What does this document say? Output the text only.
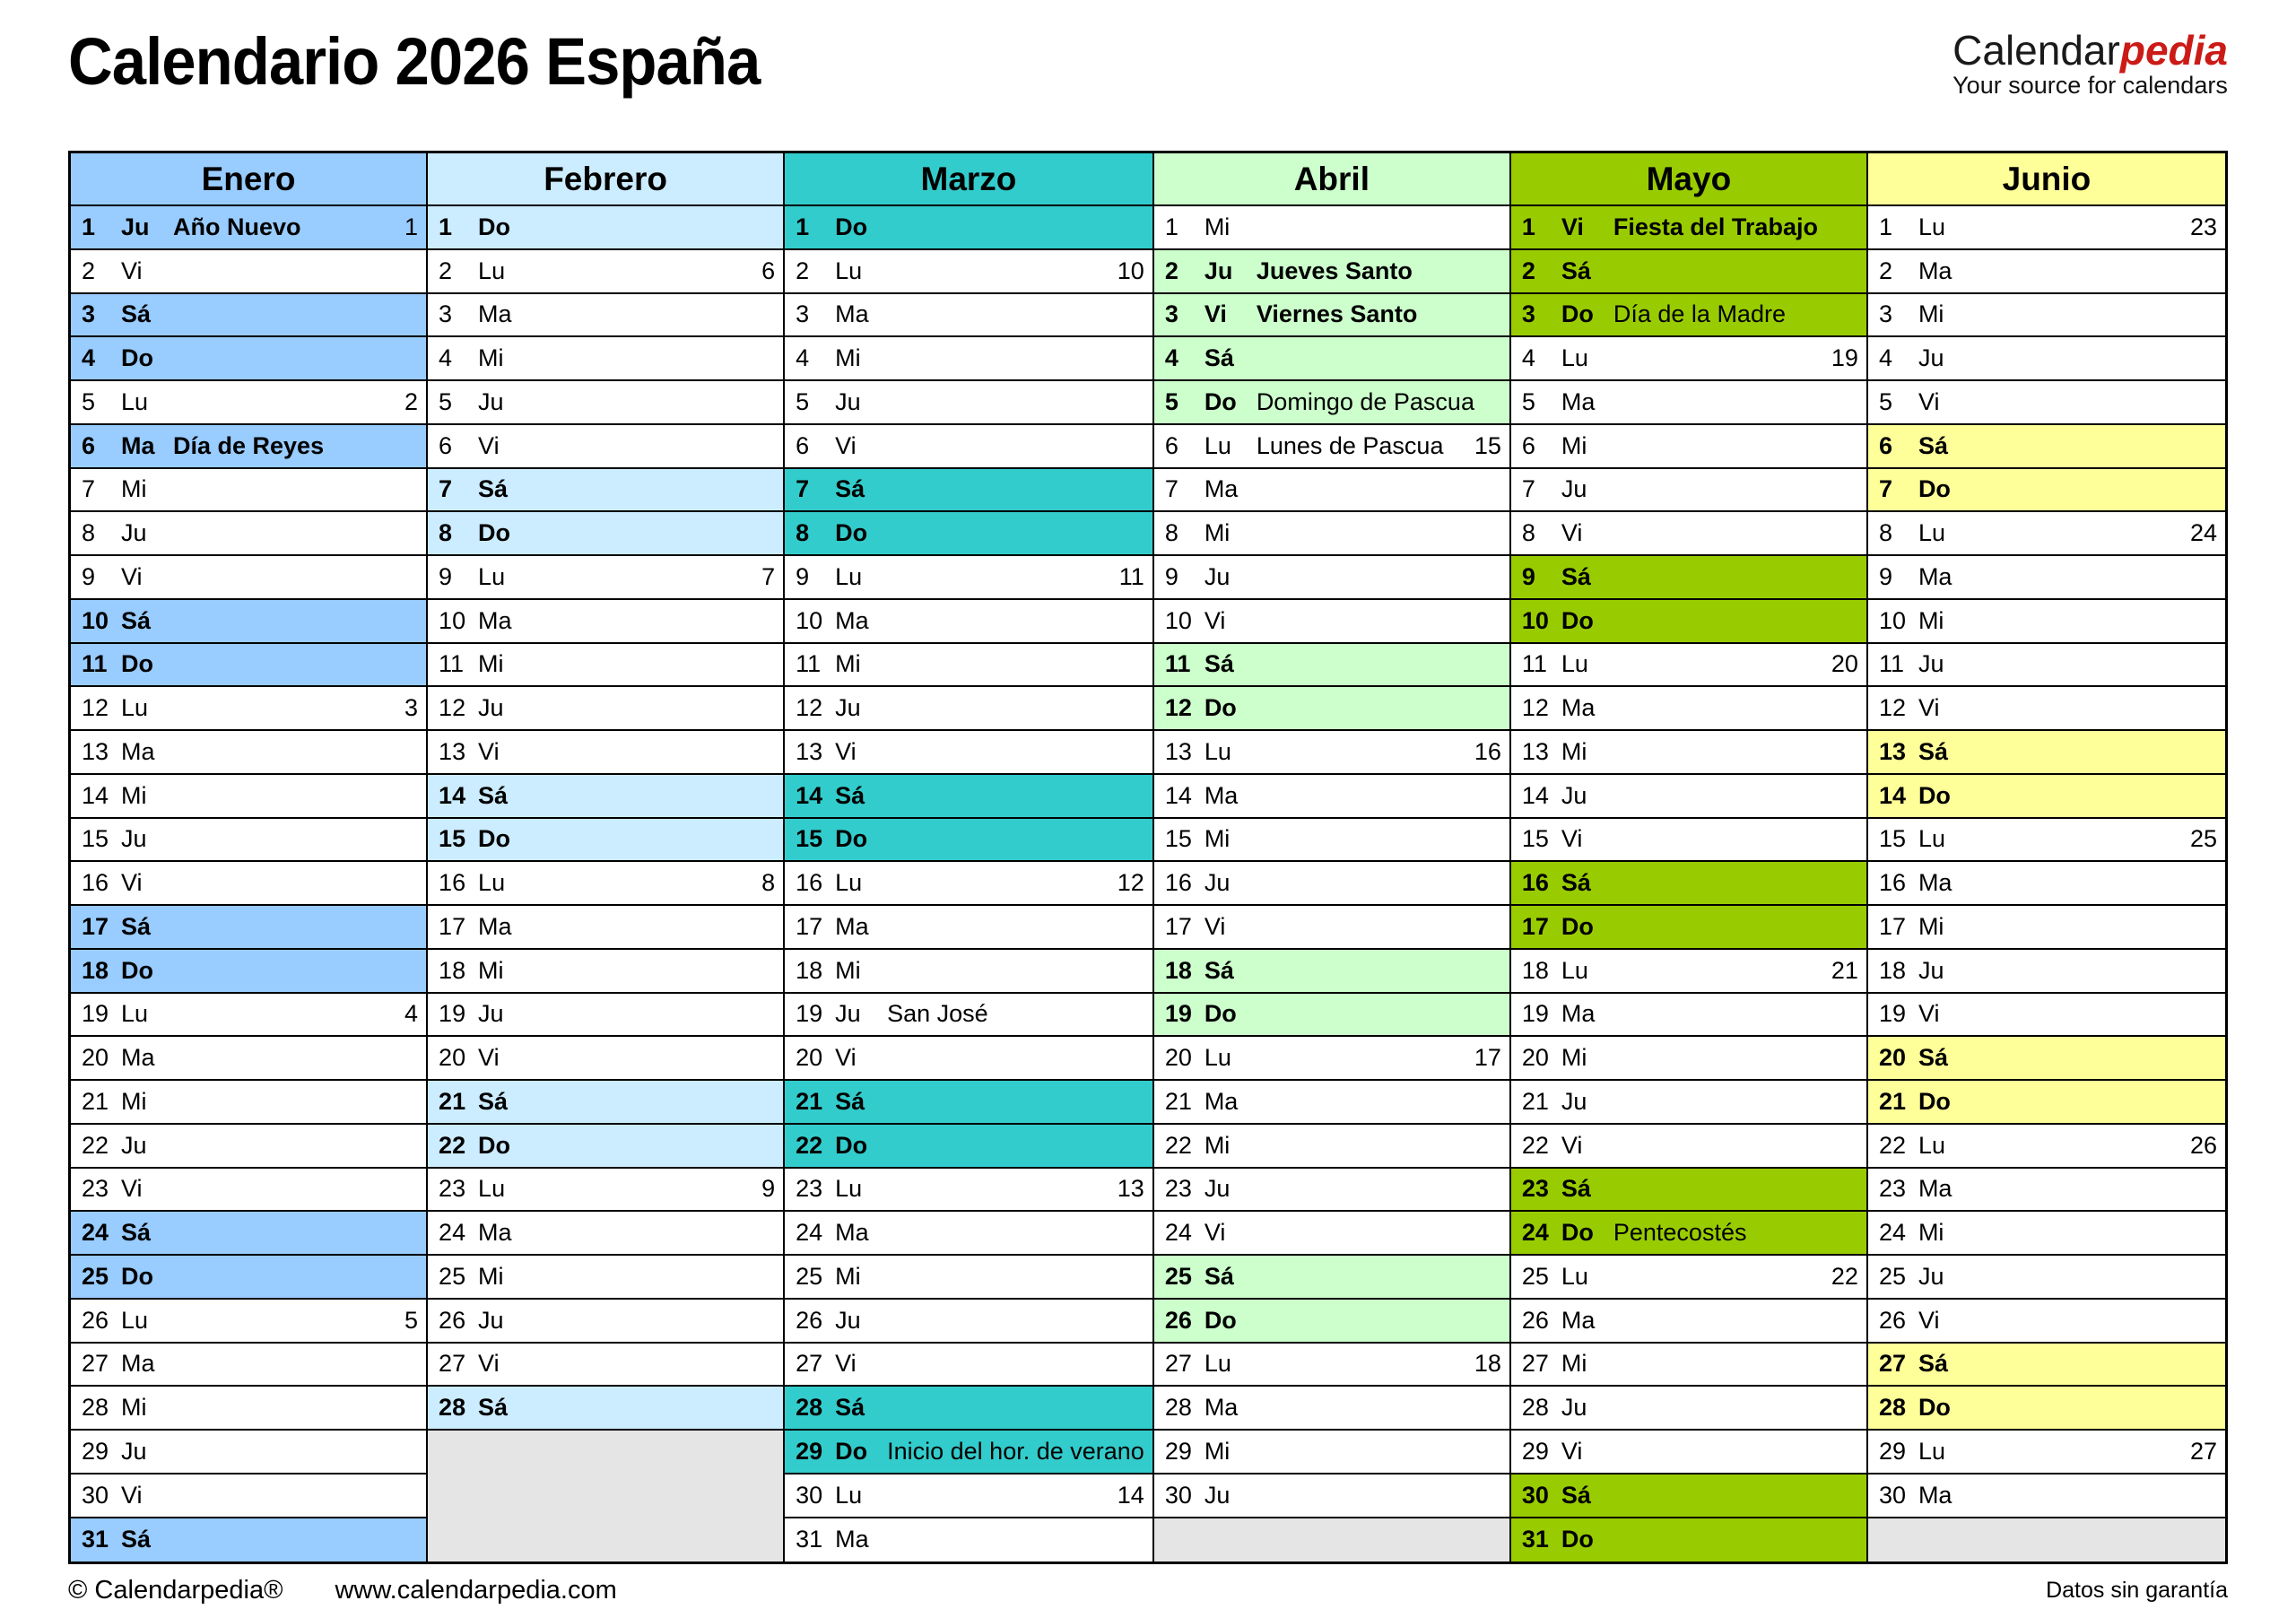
Calendario 2026 España	Calendarpedia
Your source for calendars
Enero
1	Ju Año Nuevo	1
2	Vi
3	Sá
4	Do
5	Lu	2
6	Ma Día de Reyes
7	Mi
8	Ju
9	Vi
10 Sá
11 Do
12 Lu	3
13 Ma
14 Mi
15 Ju
16 Vi
17 Sá
18 Do
19 Lu	4
20 Ma
21 Mi
22 Ju
23 Vi
24 Sá
25 Do
26 Lu	5
27 Ma
28 Mi
29 Ju
30 Vi
31 Sá
Febrero
1	Do
2	Lu	6
3	Ma
4	Mi
5	Ju
6	Vi
7	Sá
8	Do
9	Lu	7
10 Ma
11 Mi
12 Ju
13 Vi
14 Sá
15 Do
16 Lu	8
17 Ma
18 Mi
19 Ju
20 Vi
21 Sá
22 Do
23 Lu	9
24 Ma
25 Mi
26 Ju
27 Vi
28 Sá
Marzo
1	Do
2	Lu	10
3	Ma
4	Mi
5	Ju
6	Vi
7	Sá
8	Do
9	Lu	11
10 Ma
11 Mi
12 Ju
13 Vi
14 Sá
15 Do
16 Lu	12
17 Ma
18 Mi
19 Ju	San José
20 Vi
21 Sá
22 Do
23 Lu	13
24 Ma
25 Mi
26 Ju
27 Vi
28 Sá
29 Do Inicio del hor. de verano
30 Lu	14
31 Ma
Abril
1	Mi
2	Ju Jueves Santo
3	Vi	Viernes Santo
4	Sá
5	Do Domingo de Pascua
6	Lu	Lunes de Pascua	15
7	Ma
8	Mi
9	Ju
10 Vi
11 Sá
12 Do
13 Lu	16
14 Ma
15 Mi
16 Ju
17 Vi
18 Sá
19 Do
20 Lu	17
21 Ma
22 Mi
23 Ju
24 Vi
25 Sá
26 Do
27 Lu	18
28 Ma
29 Mi
30 Ju
Mayo
1	Vi	Fiesta del Trabajo
2	Sá
3	Do Día de la Madre
4	Lu	19
5	Ma
6	Mi
7	Ju
8	Vi
9	Sá
10 Do
11 Lu	20
12 Ma
13 Mi
14 Ju
15 Vi
16 Sá
17 Do
18 Lu	21
19 Ma
20 Mi
21 Ju
22 Vi
23 Sá
24 Do Pentecostés
25 Lu	22
26 Ma
27 Mi
28 Ju
29 Vi
30 Sá
31 Do
Junio
1	Lu	23
2	Ma
3	Mi
4	Ju
5	Vi
6	Sá
7	Do
8	Lu	24
9	Ma
10 Mi
11 Ju
12 Vi
13 Sá
14 Do
15 Lu	25
16 Ma
17 Mi
18 Ju
19 Vi
20 Sá
21 Do
22 Lu	26
23 Ma
24 Mi
25 Ju
26 Vi
27 Sá
28 Do
29 Lu	27
30 Ma
© Calendarpedia® www.calendarpedia.com	Datos sin garantía
